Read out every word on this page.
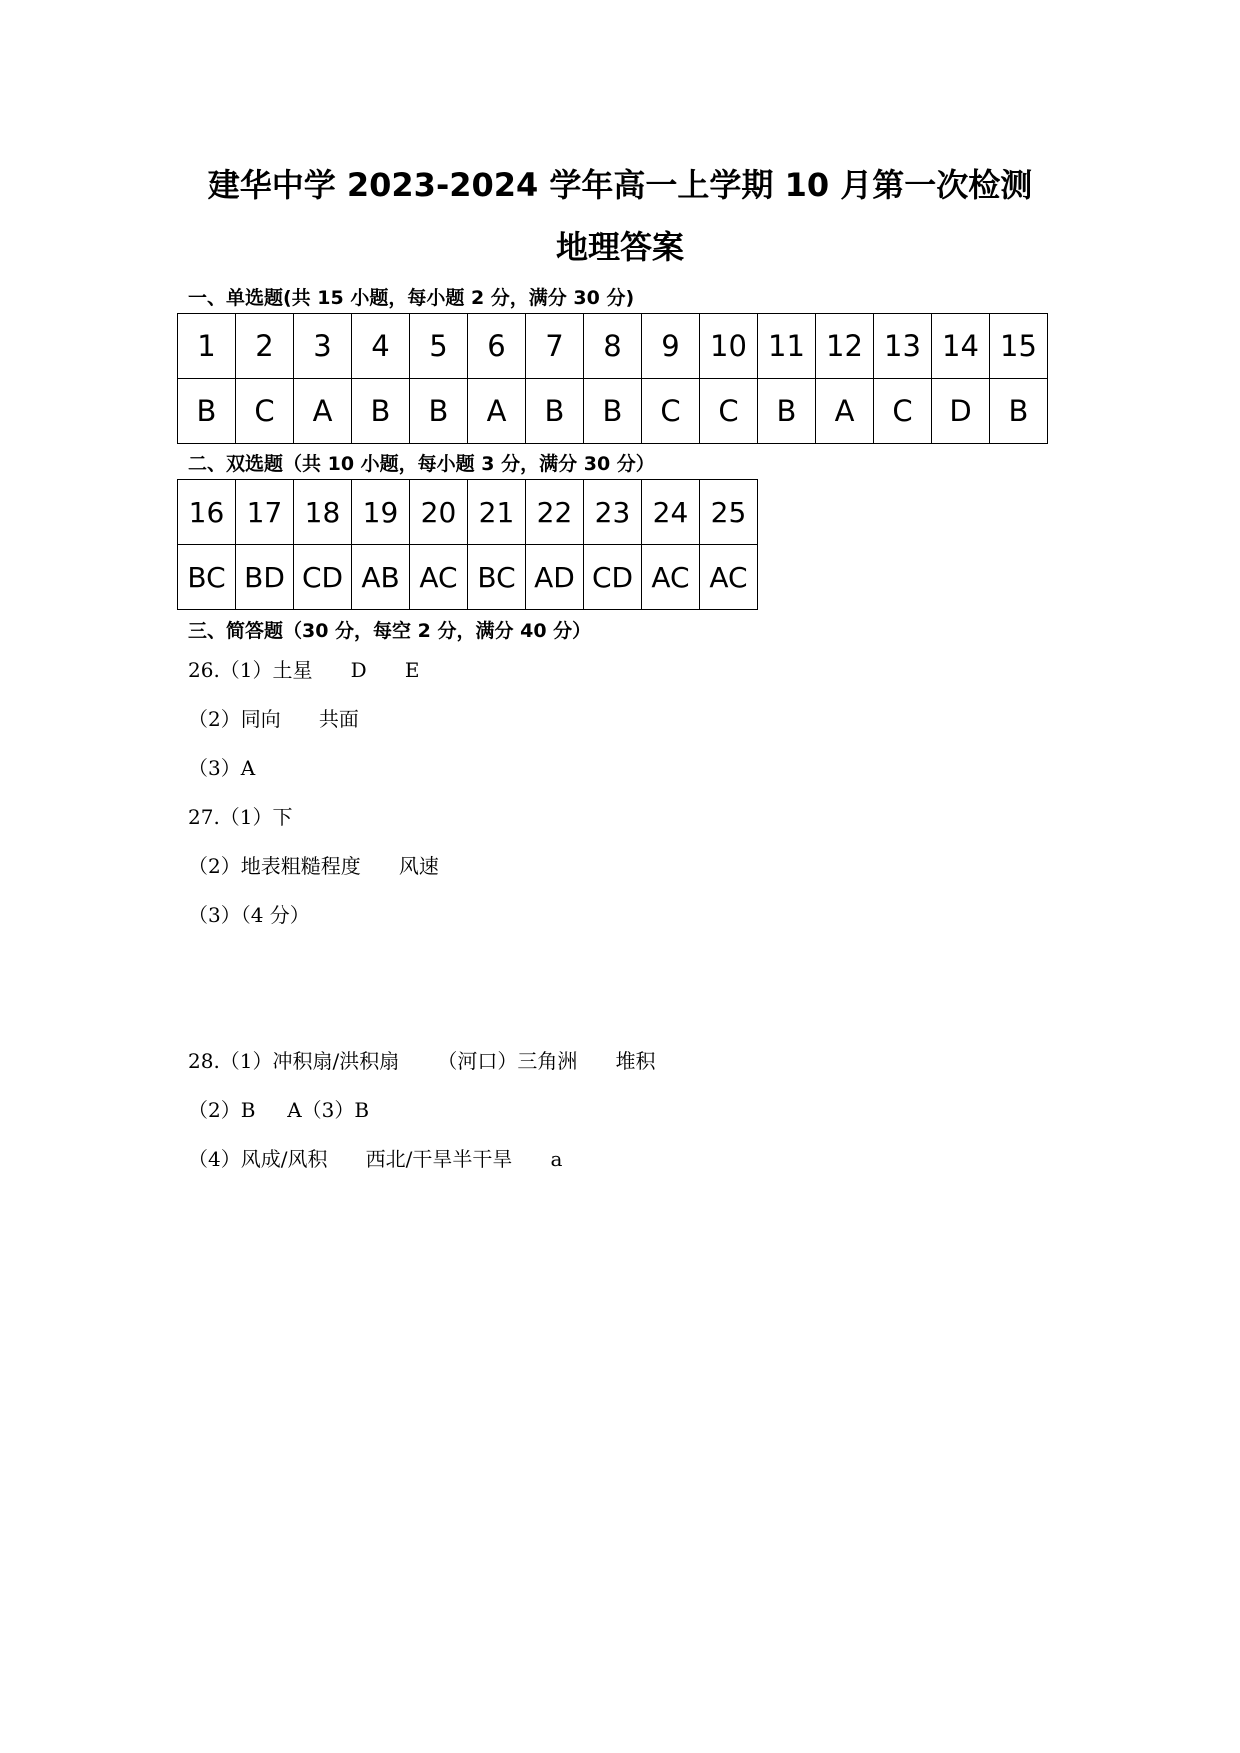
建华中学 2023-2024 学年高一上学期 10 月第一次检测
地理答案
一、单选题(共 15 小题，每小题 2 分，满分 30 分)
1	2	3	4	5	6	7	8	9	10	11	12	13	14	15
B	C	A	B	B	A	B	B	C	C	B	A	C	D	B
二、双选题（共 10 小题，每小题 3 分，满分 30 分）
16	17	18	19	20	21	22	23	24	25
BC	BD	CD	AB	AC	BC	AD	CD	AC	AC
三、简答题（30 分，每空 2 分，满分 40 分）
26.（1）土星      D      E
（2）同向      共面
（3）A
27.（1）下
（2）地表粗糙程度      风速
（3）（4 分）
28.（1）冲积扇/洪积扇      （河口）三角洲      堆积
（2）B     A（3）B
（4）风成/风积      西北/干旱半干旱      a
